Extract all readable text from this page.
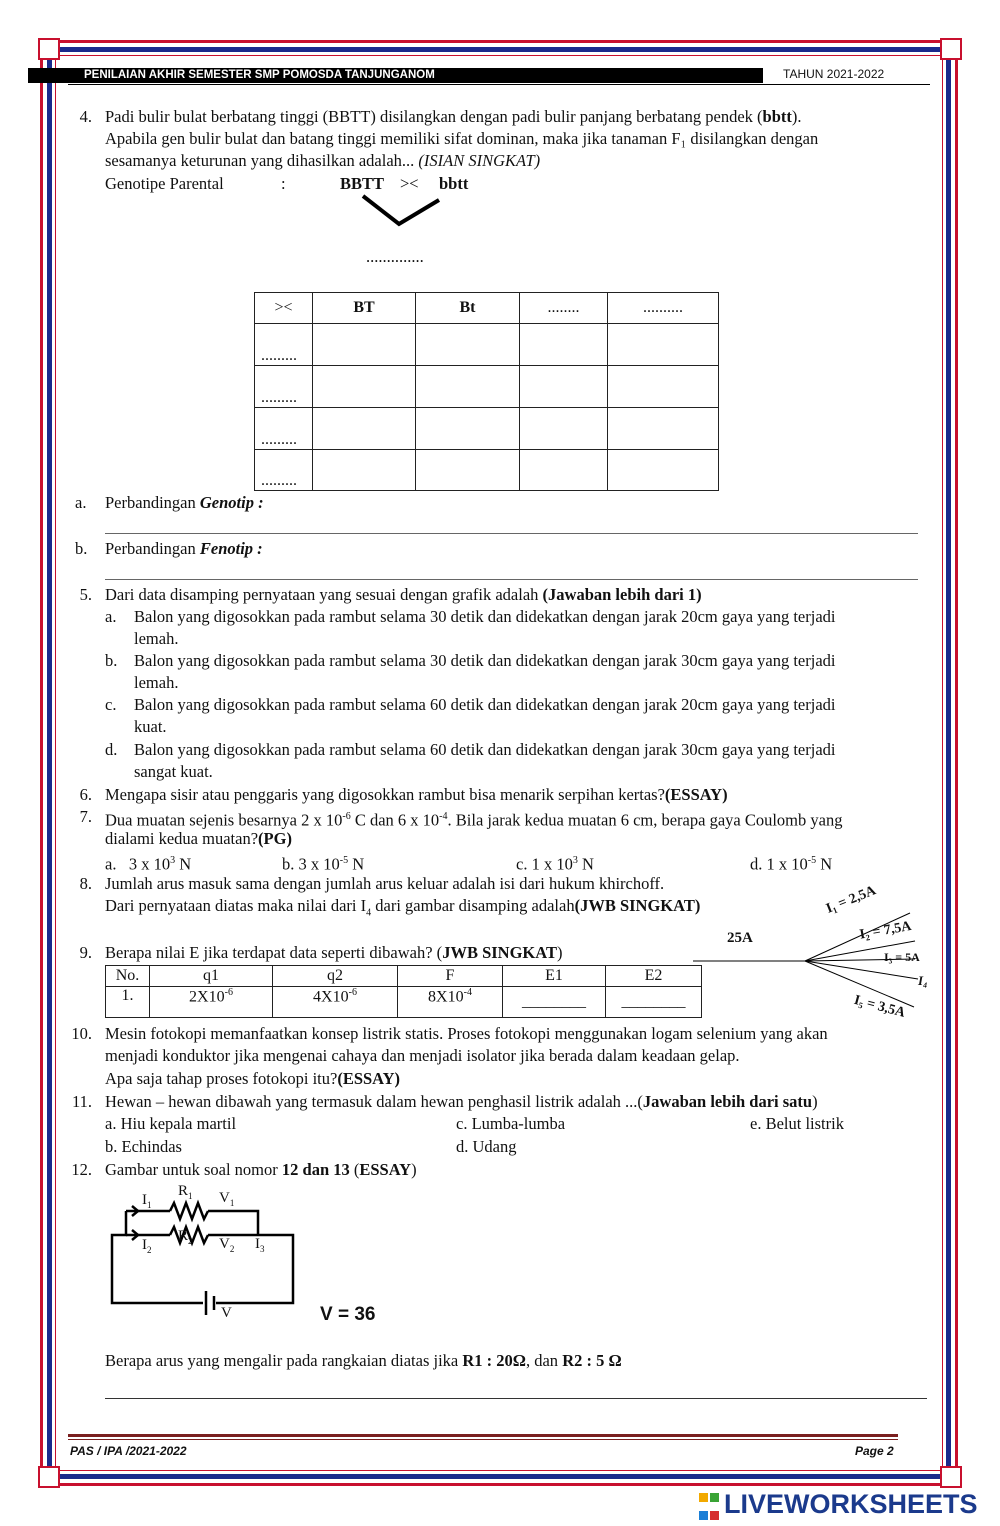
PENILAIAN AKHIR SEMESTER SMP POMOSDA TANJUNGANOM	TAHUN 2021-2022
4. Padi bulir bulat berbatang tinggi (BBTT) disilangkan dengan padi bulir panjang berbatang pendek (bbtt).
Apabila gen bulir bulat dan batang tinggi memiliki sifat dominan, maka jika tanaman F₁ disilangkan dengan
sesamanya keturunan yang dihasilkan adalah... (ISIAN SINGKAT)
Genotipe Parental	:	BBTT >< bbtt
..............
><	BT	Bt	........	..........
.........				
.........				
.........				
.........				
a. Perbandingan Genotip :
b. Perbandingan Fenotip :
5. Dari data disamping pernyataan yang sesuai dengan grafik adalah (Jawaban lebih dari 1)
a. Balon yang digosokkan pada rambut selama 30 detik dan didekatkan dengan jarak 20cm gaya yang terjadi
lemah.
b. Balon yang digosokkan pada rambut selama 30 detik dan didekatkan dengan jarak 30cm gaya yang terjadi
lemah.
c. Balon yang digosokkan pada rambut selama 60 detik dan didekatkan dengan jarak 20cm gaya yang terjadi
kuat.
d. Balon yang digosokkan pada rambut selama 60 detik dan didekatkan dengan jarak 30cm gaya yang terjadi
sangat kuat.
6. Mengapa sisir atau penggaris yang digosokkan rambut bisa menarik serpihan kertas?(ESSAY)
7. Dua muatan sejenis besarnya 2 x $10^{-6}$ C dan 6 x $10^{-4}$. Bila jarak kedua muatan 6 cm, berapa gaya Coulomb yang
dialami kedua muatan?(PG)
a. 3 x $10^3$ N	b. 3 x $10^{-5}$ N	c. 1 x $10^3$ N	d. 1 x $10^{-5}$ N
8. Jumlah arus masuk sama dengan jumlah arus keluar adalah isi dari hukum khirchoff.
Dari pernyataan diatas maka nilai dari $I_4$ dari gambar disamping adalah(JWB SINGKAT)
25A
I₁ = 2,5A
I₂ = 7,5A
I₃ = 5A
I₄
I₅ = 3,5A
9. Berapa nilai E jika terdapat data seperti dibawah? (JWB SINGKAT)
No.	q1	q2	F	E1	E2
1.	$2X10^{-6}$	$4X10^{-6}$	$8X10^{-4}$	________	________
10. Mesin fotokopi memanfaatkan konsep listrik statis. Proses fotokopi menggunakan logam selenium yang akan
menjadi konduktor jika mengenai cahaya dan menjadi isolator jika berada dalam keadaan gelap.
Apa saja tahap proses fotokopi itu?(ESSAY)
11. Hewan – hewan dibawah yang termasuk dalam hewan penghasil listrik adalah ...(Jawaban lebih dari satu)
a. Hiu kepala martil	c. Lumba-lumba	e. Belut listrik
b. Echindas	d. Udang
12. Gambar untuk soal nomor 12 dan 13 (ESSAY)
$I_1$
$R_1$ $V_1$
$I_2$
$R_2$ $V_2$ $I_3$
V	V = 36
Berapa arus yang mengalir pada rangkaian diatas jika R1 : 20Ω, dan R2 : 5 Ω
PAS / IPA /2021-2022	Page 2

LIVEWORKSHEETS
